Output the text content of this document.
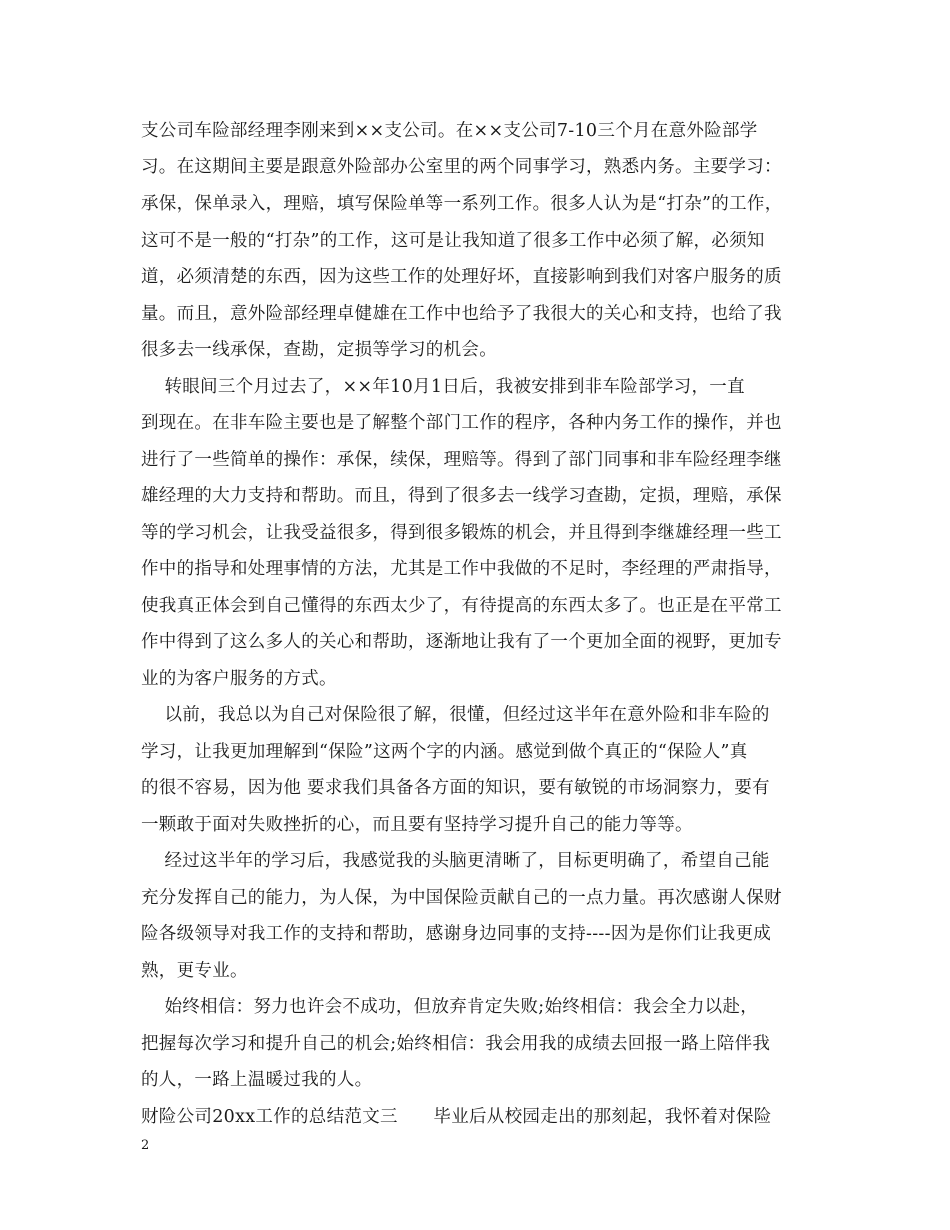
支公司车险部经理李刚来到××支公司。在××支公司7-10三个月在意外险部学
习。在这期间主要是跟意外险部办公室里的两个同事学习，熟悉内务。主要学习：
承保，保单录入，理赔，填写保险单等一系列工作。很多人认为是“打杂”的工作，
这可不是一般的“打杂”的工作，这可是让我知道了很多工作中必须了解，必须知
道，必须清楚的东西，因为这些工作的处理好坏，直接影响到我们对客户服务的质
量。而且，意外险部经理卓健雄在工作中也给予了我很大的关心和支持，也给了我
很多去一线承保，查勘，定损等学习的机会。
转眼间三个月过去了，××年10月1日后，我被安排到非车险部学习，一直
到现在。在非车险主要也是了解整个部门工作的程序，各种内务工作的操作，并也
进行了一些简单的操作：承保，续保，理赔等。得到了部门同事和非车险经理李继
雄经理的大力支持和帮助。而且，得到了很多去一线学习查勘，定损，理赔，承保
等的学习机会，让我受益很多，得到很多锻炼的机会，并且得到李继雄经理一些工
作中的指导和处理事情的方法，尤其是工作中我做的不足时，李经理的严肃指导，
使我真正体会到自己懂得的东西太少了，有待提高的东西太多了。也正是在平常工
作中得到了这么多人的关心和帮助，逐渐地让我有了一个更加全面的视野，更加专
业的为客户服务的方式。
以前，我总以为自己对保险很了解，很懂，但经过这半年在意外险和非车险的
学习，让我更加理解到“保险”这两个字的内涵。感觉到做个真正的“保险人”真
的很不容易，因为他 要求我们具备各方面的知识，要有敏锐的市场洞察力，要有
一颗敢于面对失败挫折的心，而且要有坚持学习提升自己的能力等等。
经过这半年的学习后，我感觉我的头脑更清晰了，目标更明确了，希望自己能
充分发挥自己的能力，为人保，为中国保险贡献自己的一点力量。再次感谢人保财
险各级领导对我工作的支持和帮助，感谢身边同事的支持----因为是你们让我更成
熟，更专业。
始终相信：努力也许会不成功，但放弃肯定失败;始终相信：我会全力以赴，
把握每次学习和提升自己的机会;始终相信：我会用我的成绩去回报一路上陪伴我
的人，一路上温暖过我的人。
财险公司20xx工作的总结范文三　　毕业后从校园走出的那刻起，我怀着对保险
2
